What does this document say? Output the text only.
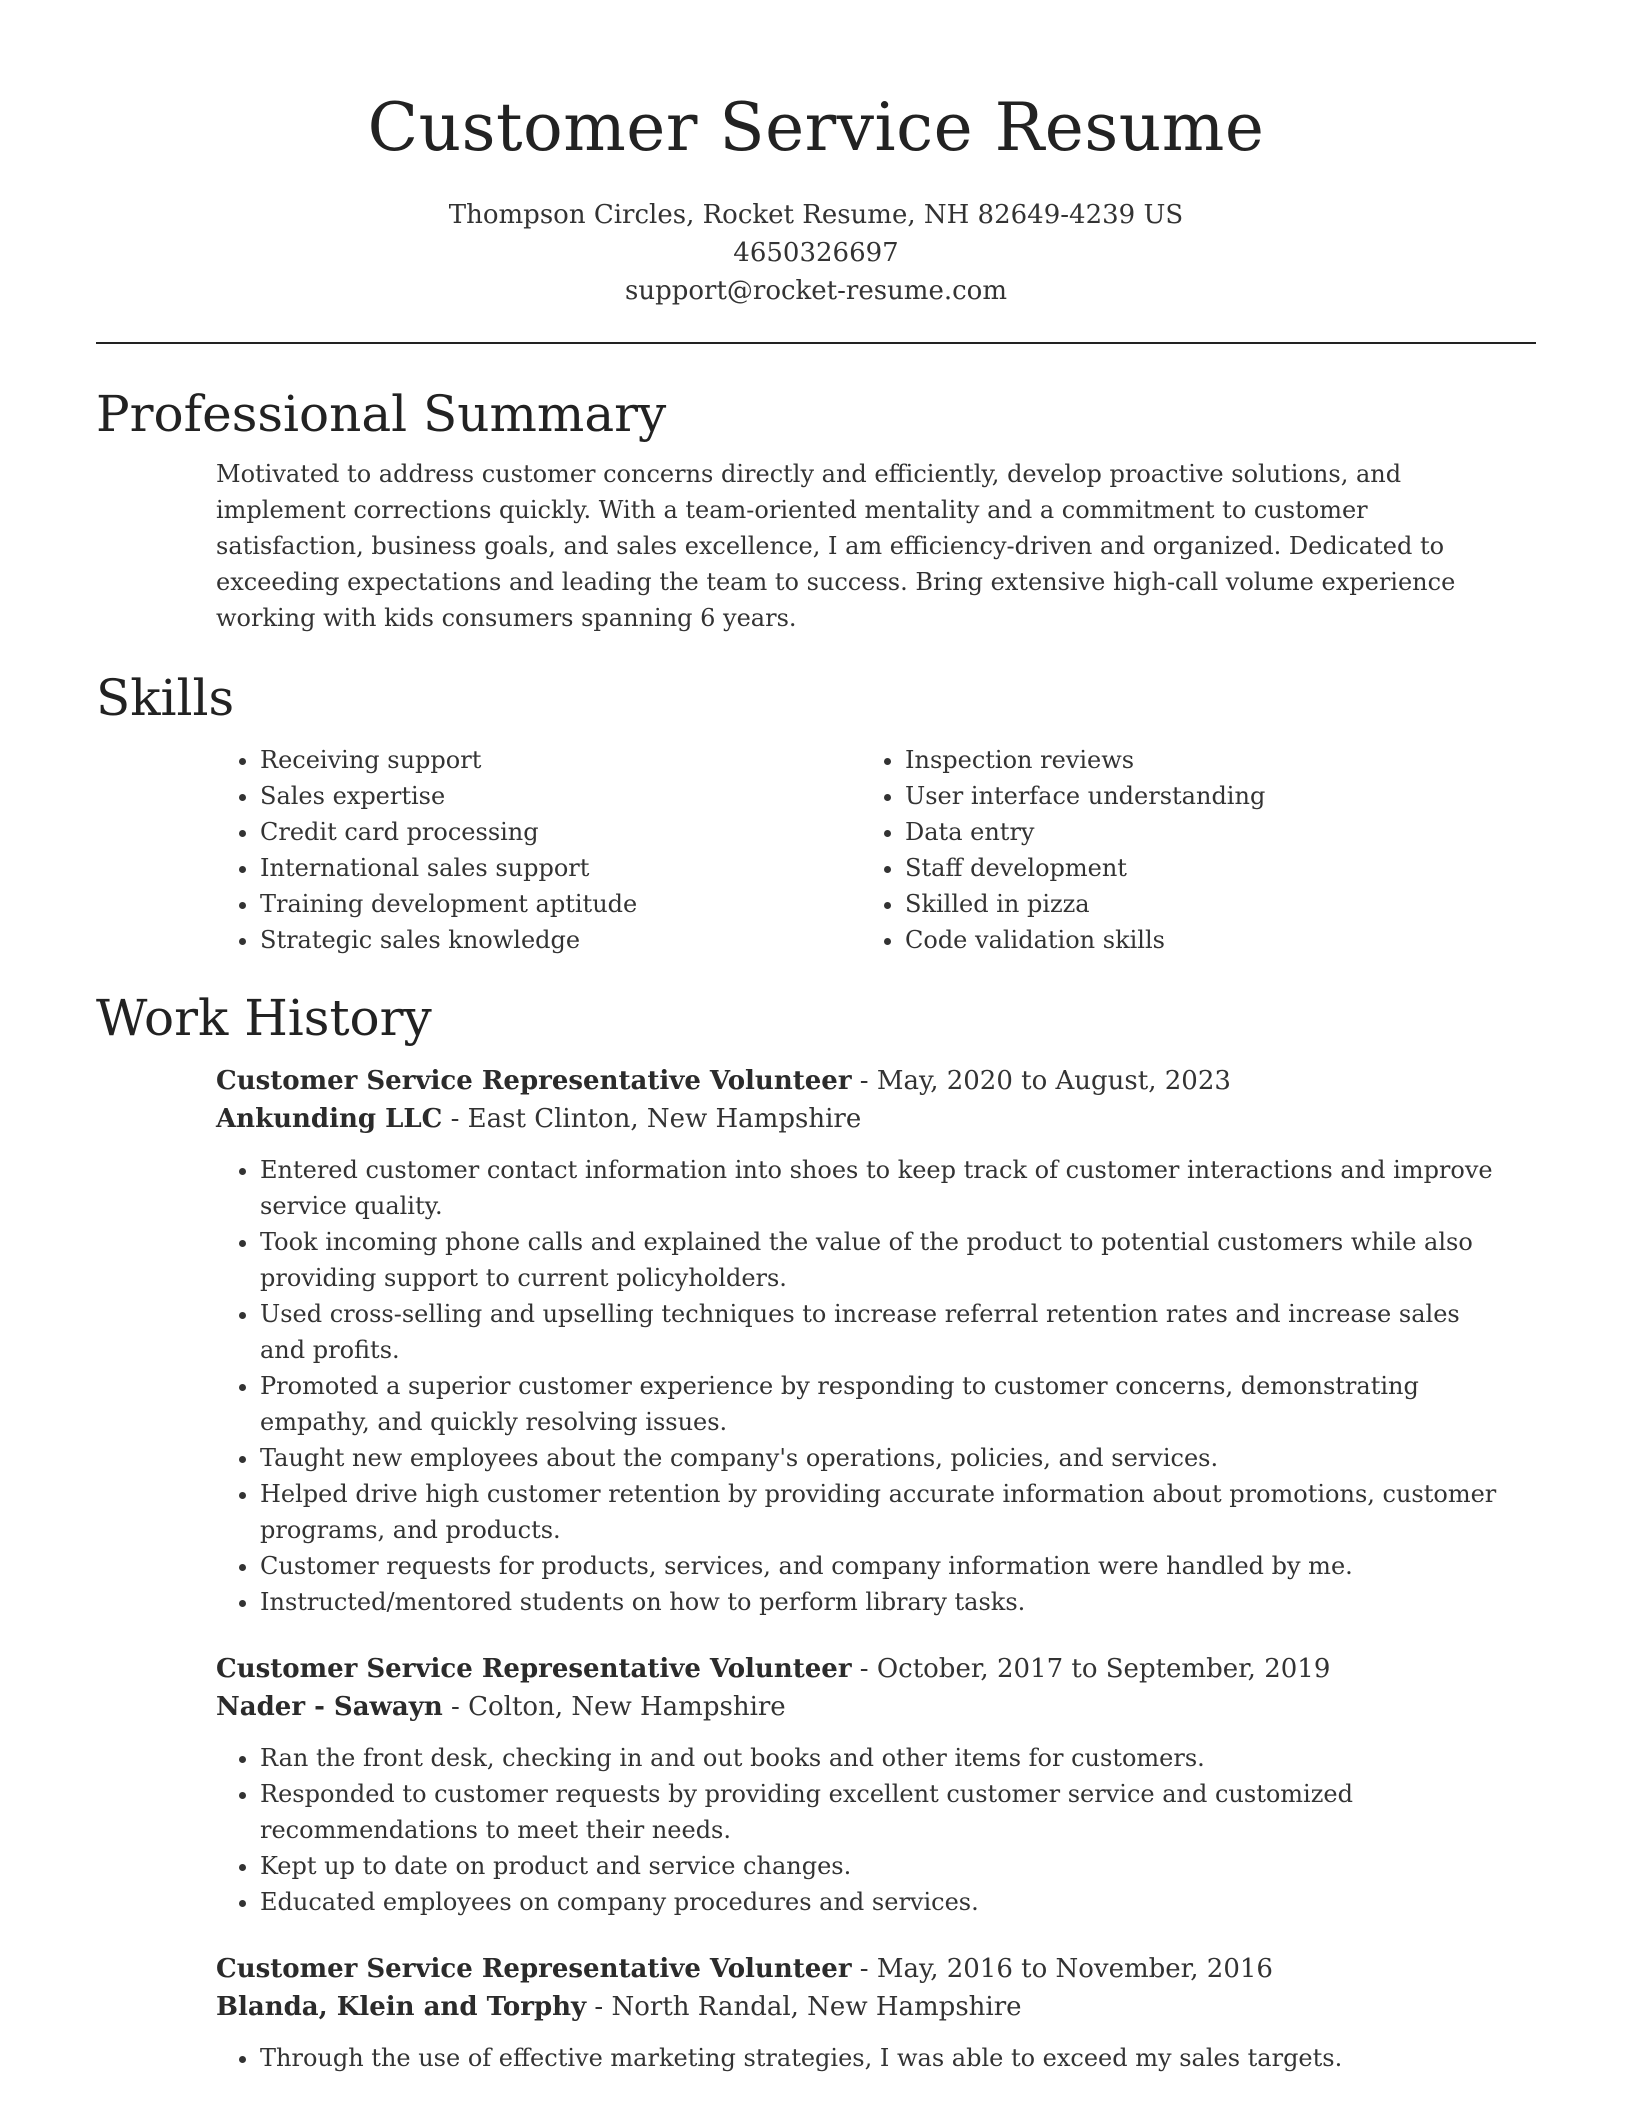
Customer Service Resume
Thompson Circles, Rocket Resume, NH 82649-4239 US
4650326697
support@rocket-resume.com
Professional Summary
Motivated to address customer concerns directly and efficiently, develop proactive solutions, and implement corrections quickly. With a team-oriented mentality and a commitment to customer satisfaction, business goals, and sales excellence, I am efficiency-driven and organized. Dedicated to exceeding expectations and leading the team to success. Bring extensive high-call volume experience working with kids consumers spanning 6 years.
Skills
• Receiving support
• Sales expertise
• Credit card processing
• International sales support
• Training development aptitude
• Strategic sales knowledge
• Inspection reviews
• User interface understanding
• Data entry
• Staff development
• Skilled in pizza
• Code validation skills
Work History
Customer Service Representative Volunteer - May, 2020 to August, 2023
Ankunding LLC - East Clinton, New Hampshire
• Entered customer contact information into shoes to keep track of customer interactions and improve service quality.
• Took incoming phone calls and explained the value of the product to potential customers while also providing support to current policyholders.
• Used cross-selling and upselling techniques to increase referral retention rates and increase sales and profits.
• Promoted a superior customer experience by responding to customer concerns, demonstrating empathy, and quickly resolving issues.
• Taught new employees about the company's operations, policies, and services.
• Helped drive high customer retention by providing accurate information about promotions, customer programs, and products.
• Customer requests for products, services, and company information were handled by me.
• Instructed/mentored students on how to perform library tasks.
Customer Service Representative Volunteer - October, 2017 to September, 2019
Nader - Sawayn - Colton, New Hampshire
• Ran the front desk, checking in and out books and other items for customers.
• Responded to customer requests by providing excellent customer service and customized recommendations to meet their needs.
• Kept up to date on product and service changes.
• Educated employees on company procedures and services.
Customer Service Representative Volunteer - May, 2016 to November, 2016
Blanda, Klein and Torphy - North Randal, New Hampshire
• Through the use of effective marketing strategies, I was able to exceed my sales targets.
